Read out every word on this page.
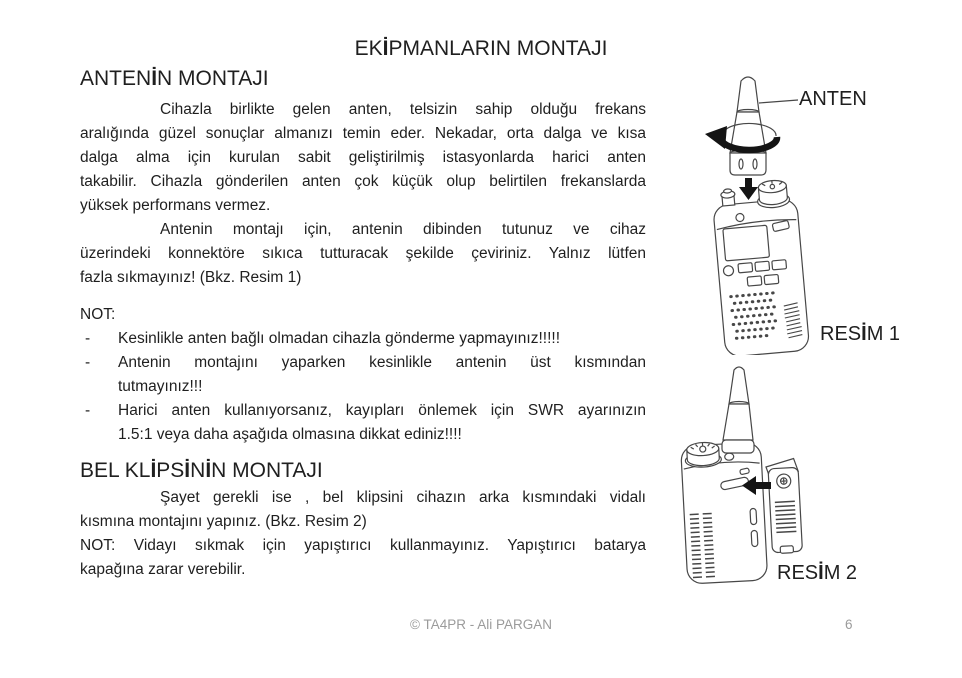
EKİPMANLARIN MONTAJI
ANTENİN MONTAJI

Cihazla birlikte gelen anten, telsizin sahip olduğu frekans
aralığında güzel sonuçlar almanızı temin eder. Nekadar, orta dalga ve kısa
dalga alma için kurulan sabit geliştirilmiş istasyonlarda harici anten
takabilir. Cihazla gönderilen anten çok küçük olup belirtilen frekanslarda
yüksek performans vermez.

Antenin montajı için, antenin dibinden tutunuz ve cihaz
üzerindeki konnektöre sıkıca tutturacak şekilde çeviriniz. Yalnız lütfen
fazla sıkmayınız! (Bkz. Resim 1)

NOT:
- Kesinlikle anten bağlı olmadan cihazla gönderme yapmayınız!!!!!
- Antenin montajını yaparken kesinlikle antenin üst kısmından
tutmayınız!!!
- Harici anten kullanıyorsanız, kayıpları önlemek için SWR ayarınızın
1.5:1 veya daha aşağıda olmasına dikkat ediniz!!!!
BEL KLİPSİNİN MONTAJI

Şayet gerekli ise , bel klipsini cihazın arka kısmındaki vidalı
kısmına montajını yapınız. (Bkz. Resim 2)

NOT: Vidayı sıkmak için yapıştırıcı kullanmayınız. Yapıştırıcı batarya
kapağına zarar verebilir.

ANTEN
RESİM 1
RESİM 2
© TA4PR - Ali PARGAN	6
